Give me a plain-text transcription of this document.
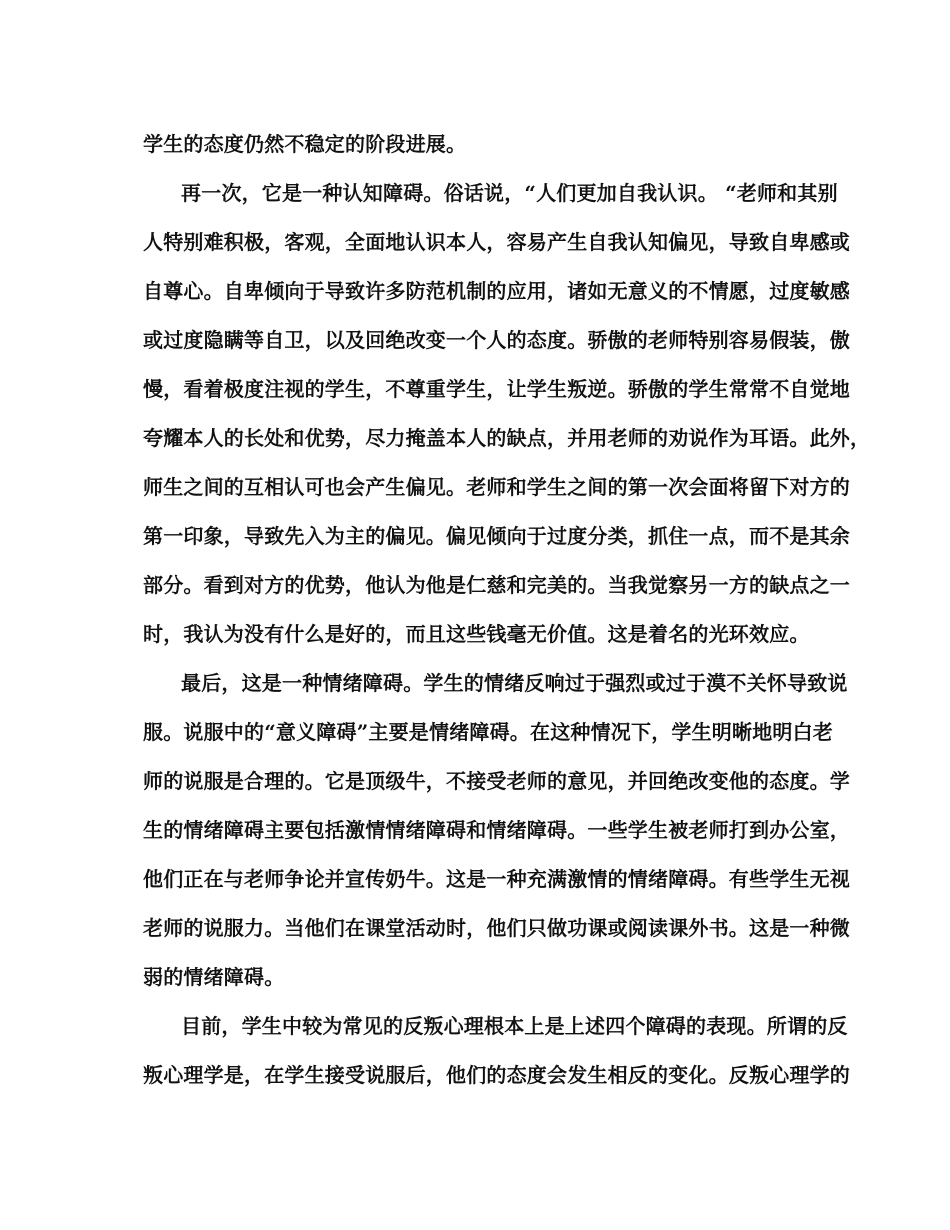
学生的态度仍然不稳定的阶段进展。

再一次，它是一种认知障碍。俗话说，“人们更加自我认识。 “老师和其别

人特别难积极，客观，全面地认识本人，容易产生自我认知偏见，导致自卑感或

自尊心。自卑倾向于导致许多防范机制的应用，诸如无意义的不情愿，过度敏感

或过度隐瞒等自卫，以及回绝改变一个人的态度。骄傲的老师特别容易假装，傲

慢，看着极度注视的学生，不尊重学生，让学生叛逆。骄傲的学生常常不自觉地

夸耀本人的长处和优势，尽力掩盖本人的缺点，并用老师的劝说作为耳语。此外，

师生之间的互相认可也会产生偏见。老师和学生之间的第一次会面将留下对方的

第一印象，导致先入为主的偏见。偏见倾向于过度分类，抓住一点，而不是其余

部分。看到对方的优势，他认为他是仁慈和完美的。当我觉察另一方的缺点之一

时，我认为没有什么是好的，而且这些钱毫无价值。这是着名的光环效应。

最后，这是一种情绪障碍。学生的情绪反响过于强烈或过于漠不关怀导致说

服。说服中的“意义障碍”主要是情绪障碍。在这种情况下，学生明晰地明白老

师的说服是合理的。它是顶级牛，不接受老师的意见，并回绝改变他的态度。学

生的情绪障碍主要包括激情情绪障碍和情绪障碍。一些学生被老师打到办公室，

他们正在与老师争论并宣传奶牛。这是一种充满激情的情绪障碍。有些学生无视

老师的说服力。当他们在课堂活动时，他们只做功课或阅读课外书。这是一种微

弱的情绪障碍。

目前，学生中较为常见的反叛心理根本上是上述四个障碍的表现。所谓的反

叛心理学是，在学生接受说服后，他们的态度会发生相反的变化。反叛心理学的
